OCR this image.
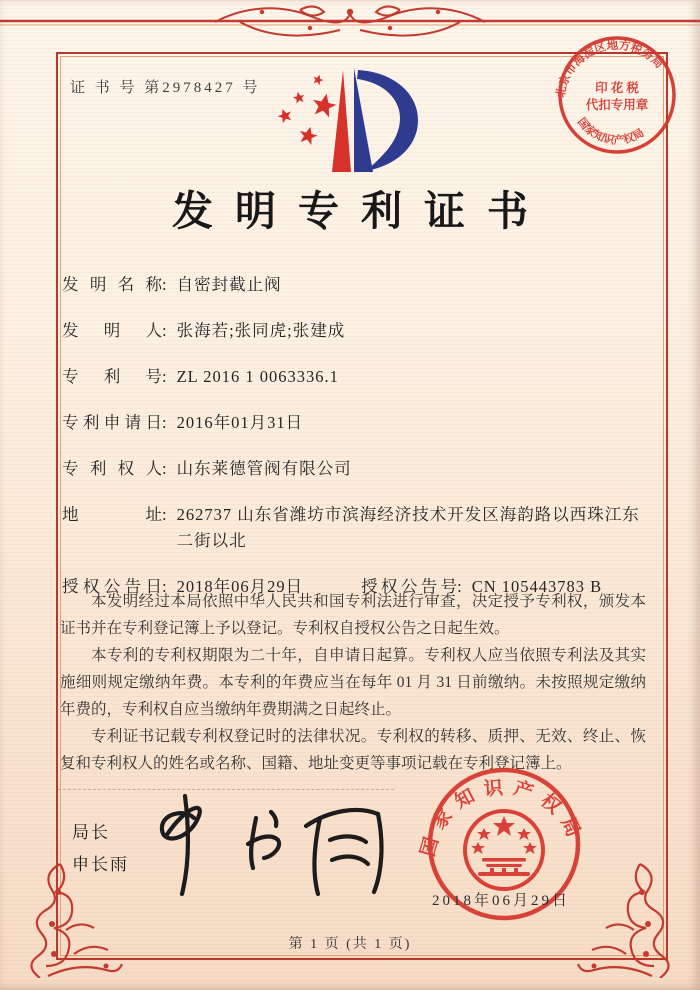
证 书 号 第2978427 号	北京市海淀区地方税务局
国家知识产权局
印 花 税
代扣专用章
发明专利证书
发明名称: 自密封截止阀
发明人: 张海若;张同虎;张建成
专利号: ZL 2016 1 0063336.1
专利申请日: 2016年01月31日
专利权人: 山东莱德管阀有限公司
地址: 262737 山东省潍坊市滨海经济技术开发区海韵路以西珠江东二街以北
授权公告日: 2018年06月29日	授权公告号: CN 105443783 B

本发明经过本局依照中华人民共和国专利法进行审查，决定授予专利权，颁发本证书并在专利登记簿上予以登记。专利权自授权公告之日起生效。

本专利的专利权期限为二十年，自申请日起算。专利权人应当依照专利法及其实施细则规定缴纳年费。本专利的年费应当在每年 01 月 31 日前缴纳。未按照规定缴纳年费的，专利权自应当缴纳年费期满之日起终止。

专利证书记载专利权登记时的法律状况。专利权的转移、质押、无效、终止、恢复和专利权人的姓名或名称、国籍、地址变更等事项记载在专利登记簿上。

局长
申长雨
国家知识产权局
2018年06月29日
第 1 页 (共 1 页)
